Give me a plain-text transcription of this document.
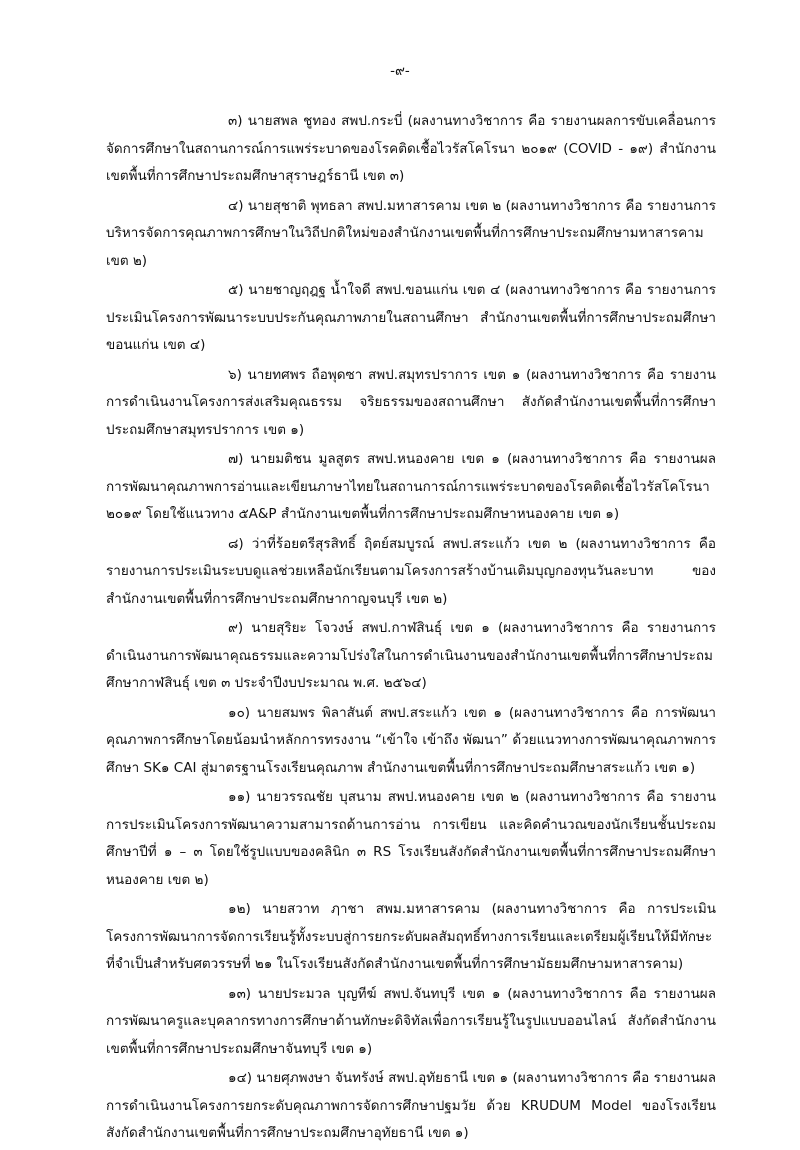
-๙-

๓) นายสพล ชูทอง สพป.กระบี่ (ผลงานทางวิชาการ คือ รายงานผลการขับเคลื่อนการจัดการศึกษาในสถานการณ์การแพร่ระบาดของโรคติดเชื้อไวรัสโคโรนา ๒๐๑๙ (COVID - ๑๙) สำนักงานเขตพื้นที่การศึกษาประถมศึกษาสุราษฎร์ธานี เขต ๓)

๔) นายสุชาติ พุทธลา สพป.มหาสารคาม เขต ๒ (ผลงานทางวิชาการ คือ รายงานการบริหารจัดการคุณภาพการศึกษาในวิถีปกติใหม่ของสำนักงานเขตพื้นที่การศึกษาประถมศึกษามหาสารคาม เขต ๒)

๕) นายชาญฤฎฐ น้ำใจดี สพป.ขอนแก่น เขต ๔ (ผลงานทางวิชาการ คือ รายงานการประเมินโครงการพัฒนาระบบประกันคุณภาพภายในสถานศึกษา สำนักงานเขตพื้นที่การศึกษาประถมศึกษาขอนแก่น เขต ๔)

๖) นายทศพร ถือพุดซา สพป.สมุทรปราการ เขต ๑ (ผลงานทางวิชาการ คือ รายงานการดำเนินงานโครงการส่งเสริมคุณธรรม จริยธรรมของสถานศึกษา สังกัดสำนักงานเขตพื้นที่การศึกษาประถมศึกษาสมุทรปราการ เขต ๑)

๗) นายมติชน มูลสูตร สพป.หนองคาย เขต ๑ (ผลงานทางวิชาการ คือ รายงานผลการพัฒนาคุณภาพการอ่านและเขียนภาษาไทยในสถานการณ์การแพร่ระบาดของโรคติดเชื้อไวรัสโคโรนา ๒๐๑๙ โดยใช้แนวทาง ๕A&P สำนักงานเขตพื้นที่การศึกษาประถมศึกษาหนองคาย เขต ๑)

๘) ว่าที่ร้อยตรีสุรสิทธิ์ ฤิตย์สมบูรณ์ สพป.สระแก้ว เขต ๒ (ผลงานทางวิชาการ คือ รายงานการประเมินระบบดูแลช่วยเหลือนักเรียนตามโครงการสร้างบ้านเติมบุญกองทุนวันละบาท ของสำนักงานเขตพื้นที่การศึกษาประถมศึกษากาญจนบุรี เขต ๒)

๙) นายสุริยะ โจวงษ์ สพป.กาฬสินธุ์ เขต ๑ (ผลงานทางวิชาการ คือ รายงานการดำเนินงานการพัฒนาคุณธรรมและความโปร่งใสในการดำเนินงานของสำนักงานเขตพื้นที่การศึกษาประถมศึกษากาฬสินธุ์ เขต ๓ ประจำปีงบประมาณ พ.ศ. ๒๕๖๔)

๑๐) นายสมพร พิลาสันต์ สพป.สระแก้ว เขต ๑ (ผลงานทางวิชาการ คือ การพัฒนาคุณภาพการศึกษาโดยน้อมนำหลักการทรงงาน “เข้าใจ เข้าถึง พัฒนา” ด้วยแนวทางการพัฒนาคุณภาพการศึกษา SK๑ CAI สู่มาตรฐานโรงเรียนคุณภาพ สำนักงานเขตพื้นที่การศึกษาประถมศึกษาสระแก้ว เขต ๑)

๑๑) นายวรรณชัย บุสนาม สพป.หนองคาย เขต ๒ (ผลงานทางวิชาการ คือ รายงานการประเมินโครงการพัฒนาความสามารถด้านการอ่าน การเขียน และคิดคำนวณของนักเรียนชั้นประถมศึกษาปีที่ ๑ – ๓ โดยใช้รูปแบบของคลินิก ๓ RS โรงเรียนสังกัดสำนักงานเขตพื้นที่การศึกษาประถมศึกษาหนองคาย เขต ๒)

๑๒) นายสวาท ฦาชา สพม.มหาสารคาม (ผลงานทางวิชาการ คือ การประเมินโครงการพัฒนาการจัดการเรียนรู้ทั้งระบบสู่การยกระดับผลสัมฤทธิ์ทางการเรียนและเตรียมผู้เรียนให้มีทักษะที่จำเป็นสำหรับศตวรรษที่ ๒๑ ในโรงเรียนสังกัดสำนักงานเขตพื้นที่การศึกษามัธยมศึกษามหาสารคาม)

๑๓) นายประมวล บุญทีฆ์ สพป.จันทบุรี เขต ๑ (ผลงานทางวิชาการ คือ รายงานผลการพัฒนาครูและบุคลากรทางการศึกษาด้านทักษะดิจิทัลเพื่อการเรียนรู้ในรูปแบบออนไลน์ สังกัดสำนักงานเขตพื้นที่การศึกษาประถมศึกษาจันทบุรี เขต ๑)

๑๔) นายศุภพงษา จันทรังษ์ สพป.อุทัยธานี เขต ๑ (ผลงานทางวิชาการ คือ รายงานผลการดำเนินงานโครงการยกระดับคุณภาพการจัดการศึกษาปฐมวัย ด้วย KRUDUM Model ของโรงเรียน สังกัดสำนักงานเขตพื้นที่การศึกษาประถมศึกษาอุทัยธานี เขต ๑)
